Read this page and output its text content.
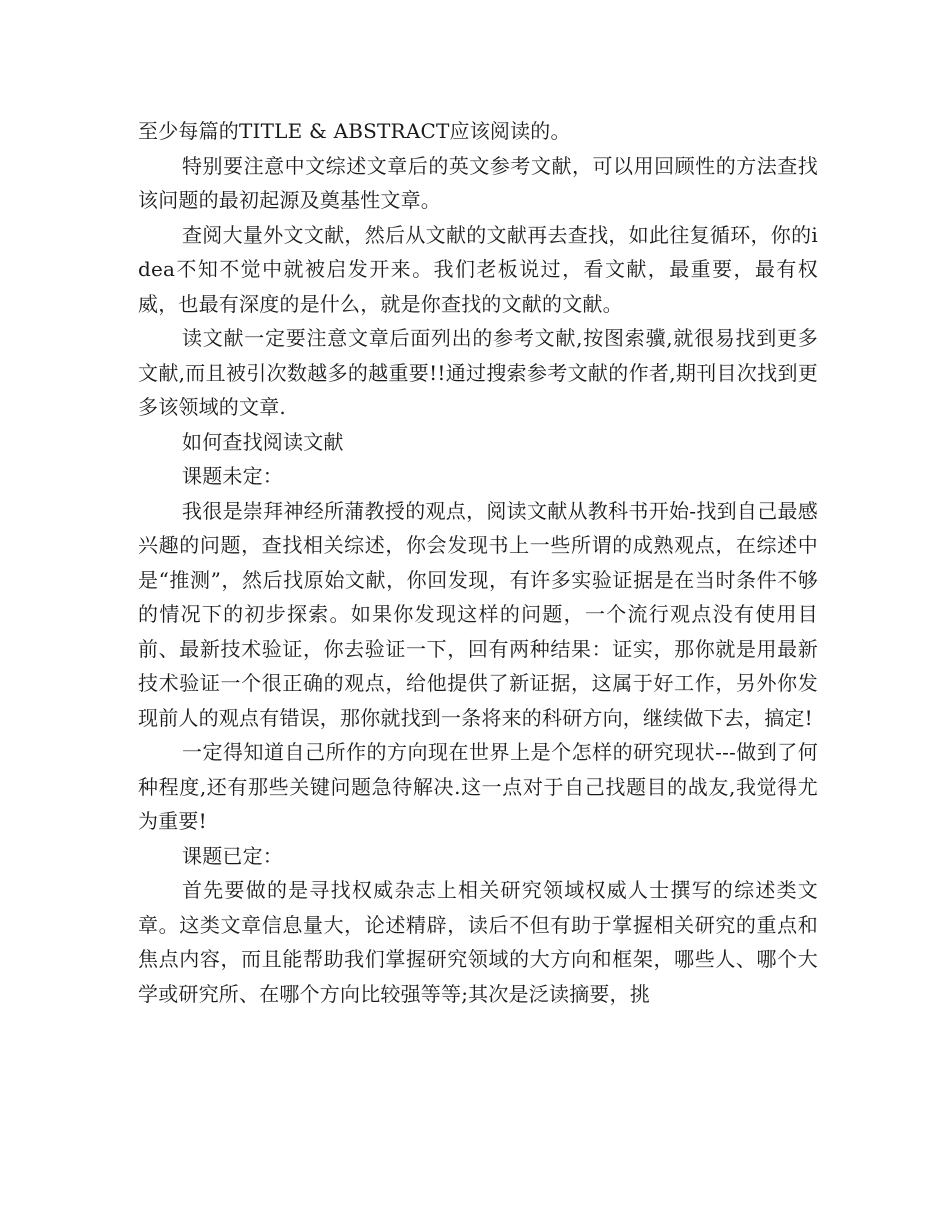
至少每篇的TITLE & ABSTRACT应该阅读的。

特别要注意中文综述文章后的英文参考文献，可以用回顾性的方法查找该问题的最初起源及奠基性文章。

查阅大量外文文献，然后从文献的文献再去查找，如此往复循环，你的idea不知不觉中就被启发开来。我们老板说过，看文献，最重要，最有权威，也最有深度的是什么，就是你查找的文献的文献。

读文献一定要注意文章后面列出的参考文献,按图索骥,就很易找到更多文献,而且被引次数越多的越重要!!通过搜索参考文献的作者,期刊目次找到更多该领域的文章.

如何查找阅读文献

课题未定：

我很是崇拜神经所蒲教授的观点，阅读文献从教科书开始-找到自己最感兴趣的问题，查找相关综述，你会发现书上一些所谓的成熟观点，在综述中是“推测”，然后找原始文献，你回发现，有许多实验证据是在当时条件不够的情况下的初步探索。如果你发现这样的问题，一个流行观点没有使用目前、最新技术验证，你去验证一下，回有两种结果：证实，那你就是用最新技术验证一个很正确的观点，给他提供了新证据，这属于好工作，另外你发现前人的观点有错误，那你就找到一条将来的科研方向，继续做下去，搞定!

一定得知道自己所作的方向现在世界上是个怎样的研究现状---做到了何种程度,还有那些关键问题急待解决.这一点对于自己找题目的战友,我觉得尤为重要!

课题已定：

首先要做的是寻找权威杂志上相关研究领域权威人士撰写的综述类文章。这类文章信息量大，论述精辟，读后不但有助于掌握相关研究的重点和焦点内容，而且能帮助我们掌握研究领域的大方向和框架，哪些人、哪个大学或研究所、在哪个方向比较强等等;其次是泛读摘要，挑
